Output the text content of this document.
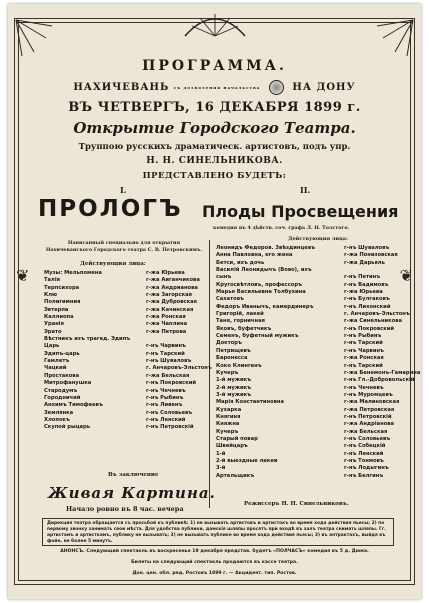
❦	❦
ПРОГРАММА.
НАХИЧЕВАНЬ съ дозволения начальства	НА ДОНУ
ВЪ ЧЕТВЕРГЪ, 16 ДЕКАБРЯ 1899 г.
Открытие Городского Театра.
Труппою русскихъ драматическ. артистовъ, подъ упр.
Н. Н. СИНЕЛЬНИКОВА.
ПРЕДСТАВЛЕНО БУДЕТЪ:
I.	II.
ПРОЛОГЪ Плоды Просвещения
Написанный специально для открытия Нахичеванского Городского театра С. В. Петровскимъ.
комедия въ 4 дѣйств. соч. графа Л. Н. Толстого.
Действующия лица:
Действующия лица:
Музы: Мельпомена	г-жа Юрьева
Талія	г-жа Аиганчикова
Терпсихора	г-жа Андрианова
Клю	г-жа Загорская
Полигимния	г-жа Дубровская
Эвтерпа	г-жа Качинская
Каллиопа	г-жа Ронская
Уранія	г-жа Чаплина
Эрато	г-жа Петрова
Вѣстникъ изъ трагед. Эдипъ
Царь	г-нъ Чарвинъ
Эдипъ-царь	г-нъ Тарский
Гамлетъ	г-нъ Шуваловъ
Чацкий	г. Анчаровъ-Эльстонъ
Простакова	г-жа Бельская
Митрофанушка	г-нъ Покровский
Стародумъ	г-нъ Чечневъ
Городничий	г-нъ Рыбинъ
Анхимъ Тимофеевъ	г-нъ Ливенъ
Землянка	г-нъ Соловьевъ
Хлопокъ	г-нъ Ленский
Скупой рыцарь	г-нъ Петровскій
Леонидъ Федоров. Звѣздинцевъ	г-нъ Шуваловъ
Анна Павловна, его жена	г-жа Понизовская
Бетси, ихъ дочь	г-жа Дарьяль
Василій Леонидычъ (Вово), ихъ
сынъ	г-нъ Петинъ
Кругосвѣтловъ, профессоръ	г-нъ Вадимовъ
Марья Васильевна Толбухина	г-жа Юрьева
Сахатовъ	г-нъ Булгаковъ
Федоръ Иванычъ, камердинеръ	г-нъ Лихонский
Григорій, лакей	г. Анчаровъ-Эльстонъ
Таня, горничная	г-жа Синельникова
Яковъ, буфетчикъ	г-нъ Покровский
Семенъ, буфетный мужикъ	г-нъ Рыбинъ
Докторъ	г-нъ Тарский
Петрищевъ	г-нъ Чарвинъ
Баронесса	г-жа Ронская
Коко Клингенъ	г-нъ Тарский
Кучеръ	г-жа Бенемонъ-Гамарина
1-й мужикъ	г-нъ Гл.-Добровольскій
2-й мужикъ	г-нъ Чечневъ
3-й мужикъ	г-нъ Муромцевъ
Марія Константиновна	г-жа Малиновская
Кухарка	г-жа Петровская
Княгиня	г-нъ Петровскій
Княжна	г-жа Андріанова
Кучеръ	г-жа Бельская
Старый повар	г-нъ Соловьевъ
Швейцаръ	г-нъ Собецкій
1-й	г-нъ Ленский
2-й выездные лакеи	г-нъ Тонмовъ
3-й	г-нъ Лодыгинъ
Артельщикъ	г-нъ Белгинъ
Въ заключение
Живая Картина.
Начало ровно въ 8 час. вечера
Режиссеръ Н. Н. Синельниковъ.
Дирекция театра обращается съ просьбой къ публикѣ: 1) не вызывать артистовъ и артистокъ во время хода действия пьесы; 2) по первому звонку занимать свои мѣста. Для удобства публики, дамскія шляпы просятъ при входѣ въ залъ театра снимать шляпы. Гг. артистамъ и артисткамъ, публику не вызывать; 3) не вызывать публике во время хода действия пьесы; 3) въ антрактахъ, выйдя въ фойе, не более 5 минутъ.
АНОНСЪ. Следующий спектакль въ воскресенье 19 декабря представ. будетъ «ПОЛЧАСЪ» комедия въ 5 д. Дюма.
Билеты на следующий спектакль продаются въ кассе театра.
Дон. цен. обл. ред. Ростовъ 1899 г. — Акцидент. тип. Ростов.
